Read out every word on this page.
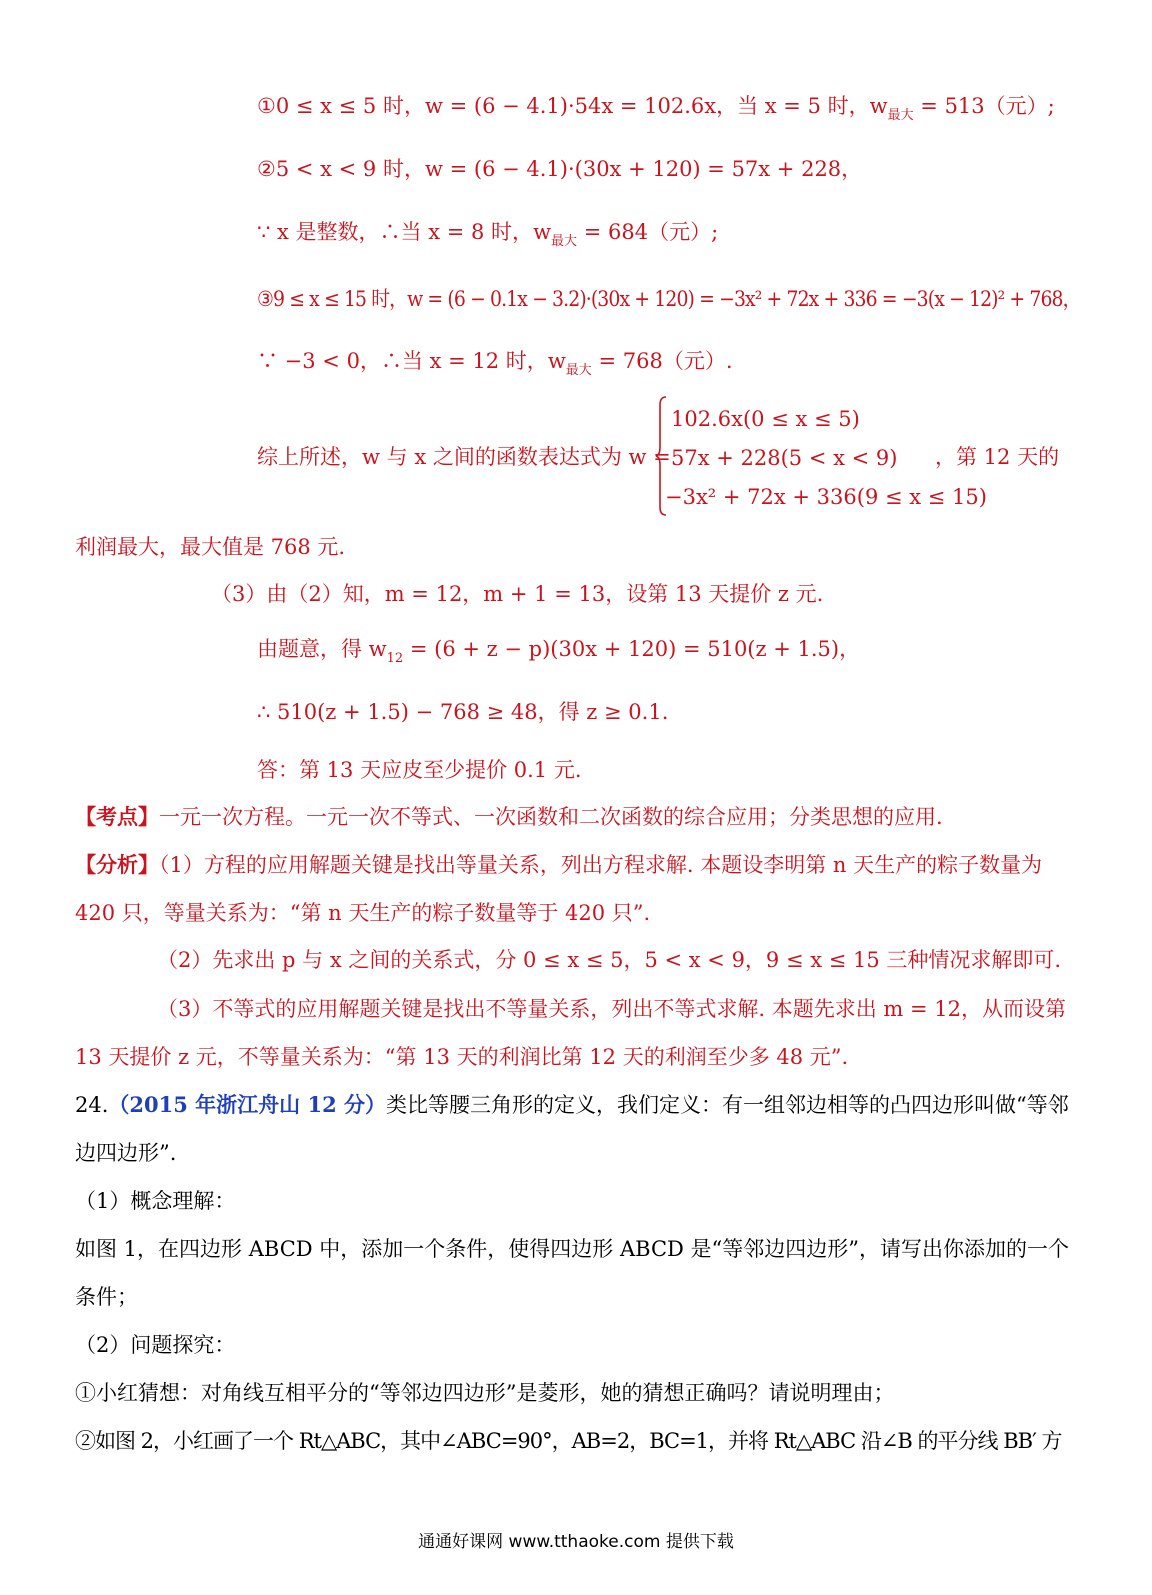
①0 ≤ x ≤ 5 时，w = (6 − 4.1)·54x = 102.6x，当 x = 5 时，$w_{最大} = 513$（元）;
②5 < x < 9 时，w = (6 − 4.1)·(30x + 120) = 57x + 228，
∵ x 是整数，∴当 x = 8 时，$w_{最大} = 684$（元）;
③9 ≤ x ≤ 15 时，w = (6 − 0.1x − 3.2)·(30x + 120) = −3x² + 72x + 336 = −3(x − 12)² + 768，
∵ −3 < 0，∴当 x = 12 时，$w_{最大} = 768$（元）.
综上所述，w 与 x 之间的函数表达式为 w =
102.6x(0 ≤ x ≤ 5)
57x + 228(5 < x < 9)
−3x² + 72x + 336(9 ≤ x ≤ 15)
，第 12 天的
利润最大，最大值是 768 元.
（3）由（2）知，m = 12，m + 1 = 13，设第 13 天提价 z 元.
由题意，得 $w_{12} = (6 + z - p)(30x + 120) = 510(z + 1.5)$，
∴ 510(z + 1.5) − 768 ≥ 48，得 z ≥ 0.1.
答：第 13 天应皮至少提价 0.1 元.
【考点】一元一次方程。一元一次不等式、一次函数和二次函数的综合应用；分类思想的应用.
【分析】（1）方程的应用解题关键是找出等量关系，列出方程求解. 本题设李明第 n 天生产的粽子数量为
420 只，等量关系为：“第 n 天生产的粽子数量等于 420 只”.
（2）先求出 p 与 x 之间的关系式，分 0 ≤ x ≤ 5，5 < x < 9，9 ≤ x ≤ 15 三种情况求解即可.
（3）不等式的应用解题关键是找出不等量关系，列出不等式求解. 本题先求出 m = 12，从而设第
13 天提价 z 元，不等量关系为：“第 13 天的利润比第 12 天的利润至少多 48 元”.
24.（2015 年浙江舟山 12 分）类比等腰三角形的定义，我们定义：有一组邻边相等的凸四边形叫做“等邻
边四边形”.
（1）概念理解：
如图 1，在四边形 ABCD 中，添加一个条件，使得四边形 ABCD 是“等邻边四边形”，请写出你添加的一个
条件；
（2）问题探究：
①小红猜想：对角线互相平分的“等邻边四边形”是菱形，她的猜想正确吗？请说明理由；
②如图 2，小红画了一个 Rt△ABC，其中∠ABC=90°，AB=2，BC=1，并将 Rt△ABC 沿∠B 的平分线 BB′ 方
通通好课网 www.tthaoke.com 提供下载
